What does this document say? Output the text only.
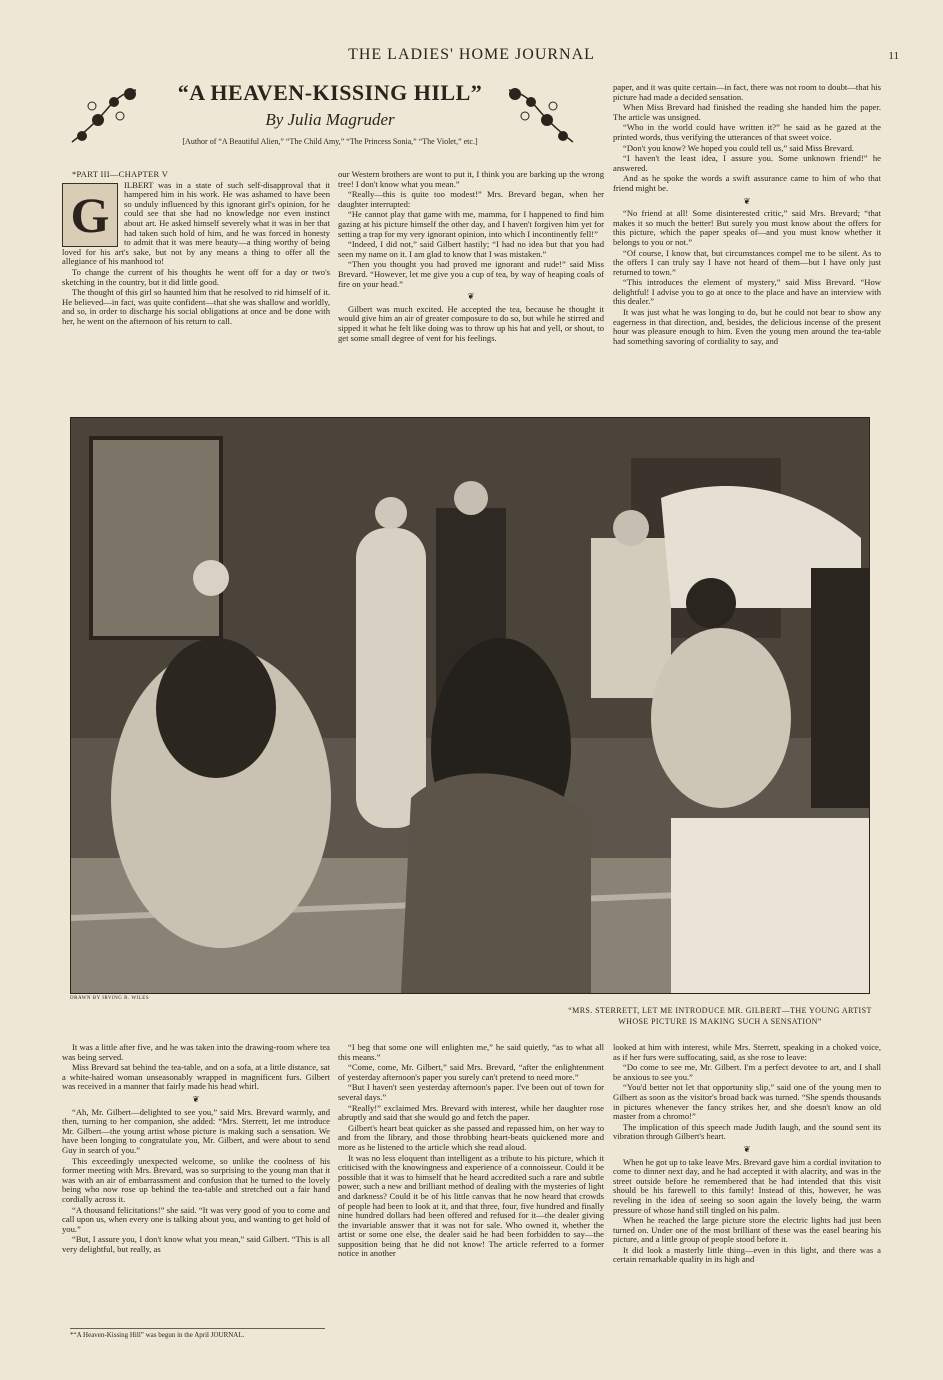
THE LADIES' HOME JOURNAL	11
“A HEAVEN-KISSING HILL”
By Julia Magruder
[Author of “A Beautiful Alien,” “The Child Amy,” “The Princess Sonia,” “The Violet,” etc.]

*PART III—CHAPTER V

G

ILBERT was in a state of such self-disapproval that it hampered him in his work. He was ashamed to have been so unduly influenced by this ignorant girl's opinion, for he could see that she had no knowledge nor even instinct about art. He asked himself severely what it was in her that had taken such hold of him, and he was forced in honesty to admit that it was mere beauty—a thing worthy of being loved for his art's sake, but not by any means a thing to offer all the allegiance of his manhood to!

To change the current of his thoughts he went off for a day or two's sketching in the country, but it did little good.

The thought of this girl so haunted him that he resolved to rid himself of it. He believed—in fact, was quite confident—that she was shallow and worldly, and so, in order to discharge his social obligations at once and be done with her, he went on the afternoon of his return to call.

our Western brothers are wont to put it, I think you are barking up the wrong tree! I don't know what you mean.”

“Really—this is quite too modest!” Mrs. Brevard began, when her daughter interrupted:

“He cannot play that game with me, mamma, for I happened to find him gazing at his picture himself the other day, and I haven't forgiven him yet for setting a trap for my very ignorant opinion, into which I incontinently fell!”

“Indeed, I did not,” said Gilbert hastily; “I had no idea but that you had seen my name on it. I am glad to know that I was mistaken.”

“Then you thought you had proved me ignorant and rude!” said Miss Brevard. “However, let me give you a cup of tea, by way of heaping coals of fire on your head.”

❦

Gilbert was much excited. He accepted the tea, because he thought it would give him an air of greater composure to do so, but while he stirred and sipped it what he felt like doing was to throw up his hat and yell, or shout, to get some small degree of vent for his feelings.

paper, and it was quite certain—in fact, there was not room to doubt—that his picture had made a decided sensation.

When Miss Brevard had finished the reading she handed him the paper. The article was unsigned.

“Who in the world could have written it?” he said as he gazed at the printed words, thus verifying the utterances of that sweet voice.

“Don't you know? We hoped you could tell us,” said Miss Brevard.

“I haven't the least idea, I assure you. Some unknown friend!” he answered.

And as he spoke the words a swift assurance came to him of who that friend might be.

❦

“No friend at all! Some disinterested critic,” said Mrs. Brevard; “that makes it so much the better! But surely you must know about the offers for this picture, which the paper speaks of—and you must know whether it belongs to you or not.”

“Of course, I know that, but circumstances compel me to be silent. As to the offers I can truly say I have not heard of them—but I have only just returned to town.”

“This introduces the element of mystery,” said Miss Brevard. “How delightful! I advise you to go at once to the place and have an interview with this dealer.”

It was just what he was longing to do, but he could not bear to show any eagerness in that direction, and, besides, the delicious incense of the present hour was pleasure enough to him. Even the young men around the tea-table had something savoring of cordiality to say, and

DRAWN BY IRVING R. WILES
“MRS. STERRETT, LET ME INTRODUCE MR. GILBERT—THE YOUNG ARTIST WHOSE PICTURE IS MAKING SUCH A SENSATION”

It was a little after five, and he was taken into the drawing-room where tea was being served.

Miss Brevard sat behind the tea-table, and on a sofa, at a little distance, sat a white-haired woman unseasonably wrapped in magnificent furs. Gilbert was received in a manner that fairly made his head whirl.

❦

“Ah, Mr. Gilbert—delighted to see you,” said Mrs. Brevard warmly, and then, turning to her companion, she added: “Mrs. Sterrett, let me introduce Mr. Gilbert—the young artist whose picture is making such a sensation. We have been longing to congratulate you, Mr. Gilbert, and were about to send Guy in search of you.”

This exceedingly unexpected welcome, so unlike the coolness of his former meeting with Mrs. Brevard, was so surprising to the young man that it was with an air of embarrassment and confusion that he turned to the lovely being who now rose up behind the tea-table and stretched out a fair hand cordially across it.

“A thousand felicitations!” she said. “It was very good of you to come and call upon us, when every one is talking about you, and wanting to get hold of you.”

“But, I assure you, I don't know what you mean,” said Gilbert. “This is all very delightful, but really, as

*“A Heaven-Kissing Hill” was begun in the April JOURNAL.

“I beg that some one will enlighten me,” he said quietly, “as to what all this means.”

“Come, come, Mr. Gilbert,” said Mrs. Brevard, “after the enlightenment of yesterday afternoon's paper you surely can't pretend to need more.”

“But I haven't seen yesterday afternoon's paper. I've been out of town for several days.”

“Really!” exclaimed Mrs. Brevard with interest, while her daughter rose abruptly and said that she would go and fetch the paper.

Gilbert's heart beat quicker as she passed and repassed him, on her way to and from the library, and those throbbing heart-beats quickened more and more as he listened to the article which she read aloud.

It was no less eloquent than intelligent as a tribute to his picture, which it criticised with the knowingness and experience of a connoisseur. Could it be possible that it was to himself that he heard accredited such a rare and subtle power, such a new and brilliant method of dealing with the mysteries of light and darkness? Could it be of his little canvas that he now heard that crowds of people had been to look at it, and that three, four, five hundred and finally nine hundred dollars had been offered and refused for it—the dealer giving the invariable answer that it was not for sale. Who owned it, whether the artist or some one else, the dealer said he had been forbidden to say—the supposition being that he did not know! The article referred to a former notice in another

looked at him with interest, while Mrs. Sterrett, speaking in a choked voice, as if her furs were suffocating, said, as she rose to leave:

“Do come to see me, Mr. Gilbert. I'm a perfect devotee to art, and I shall be anxious to see you.”

“You'd better not let that opportunity slip,” said one of the young men to Gilbert as soon as the visitor's broad back was turned. “She spends thousands in pictures whenever the fancy strikes her, and she doesn't know an old master from a chromo!”

The implication of this speech made Judith laugh, and the sound sent its vibration through Gilbert's heart.

❦

When he got up to take leave Mrs. Brevard gave him a cordial invitation to come to dinner next day, and he had accepted it with alacrity, and was in the street outside before he remembered that he had intended that this visit should be his farewell to this family! Instead of this, however, he was reveling in the idea of seeing so soon again the lovely being, the warm pressure of whose hand still tingled on his palm.

When he reached the large picture store the electric lights had just been turned on. Under one of the most brilliant of these was the easel bearing his picture, and a little group of people stood before it.

It did look a masterly little thing—even in this light, and there was a certain remarkable quality in its high and
